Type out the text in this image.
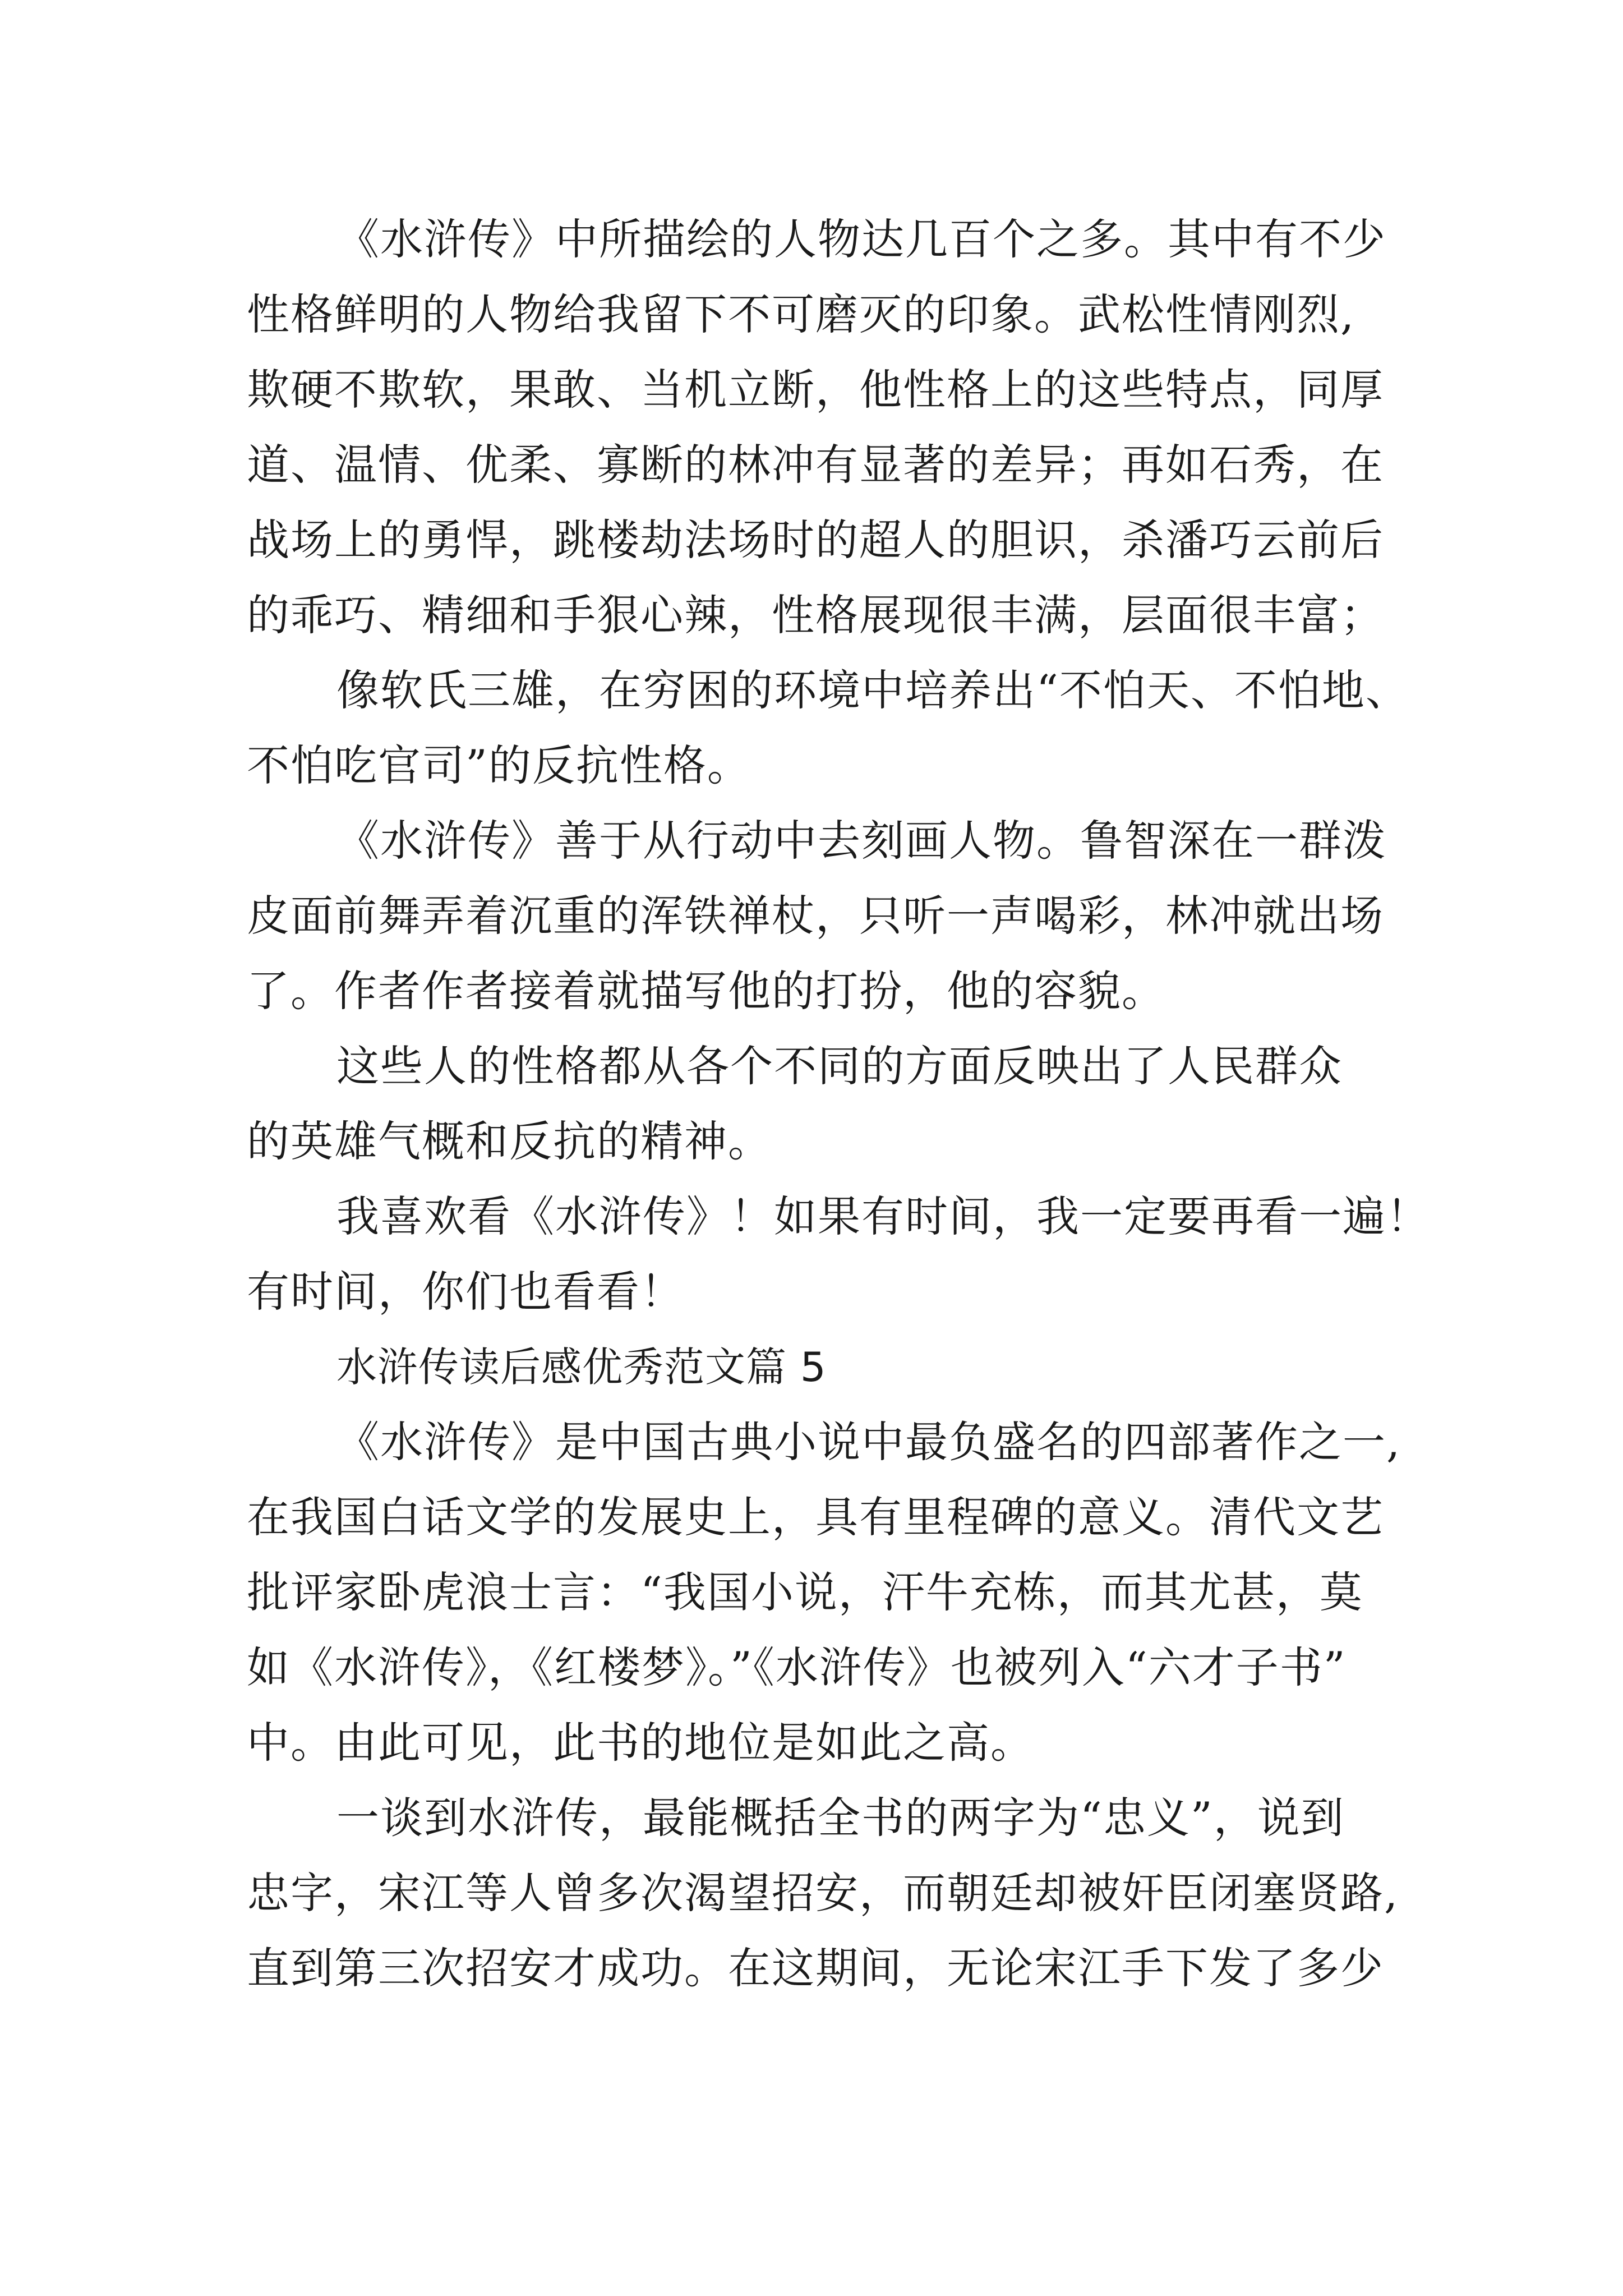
《水浒传》中所描绘的人物达几百个之多。其中有不少
性格鲜明的人物给我留下不可磨灭的印象。武松性情刚烈,
欺硬不欺软，果敢、当机立断，他性格上的这些特点，同厚
道、温情、优柔、寡断的林冲有显著的差异；再如石秀，在
战场上的勇悍，跳楼劫法场时的超人的胆识，杀潘巧云前后
的乖巧、精细和手狠心辣，性格展现很丰满，层面很丰富；
像软氏三雄，在穷困的环境中培养出“不怕天、不怕地、
不怕吃官司”的反抗性格。
《水浒传》善于从行动中去刻画人物。鲁智深在一群泼
皮面前舞弄着沉重的浑铁禅杖，只听一声喝彩，林冲就出场
了。作者作者接着就描写他的打扮，他的容貌。
这些人的性格都从各个不同的方面反映出了人民群众
的英雄气概和反抗的精神。
我喜欢看《水浒传》！如果有时间，我一定要再看一遍！
有时间，你们也看看！
水浒传读后感优秀范文篇 5
《水浒传》是中国古典小说中最负盛名的四部著作之一,
在我国白话文学的发展史上，具有里程碑的意义。清代文艺
批评家卧虎浪士言：“我国小说，汗牛充栋，而其尤甚，莫
如《水浒传》，《红楼梦》。”《水浒传》也被列入“六才子书”
中。由此可见，此书的地位是如此之高。
一谈到水浒传，最能概括全书的两字为“忠义”，说到
忠字，宋江等人曾多次渴望招安，而朝廷却被奸臣闭塞贤路,
直到第三次招安才成功。在这期间，无论宋江手下发了多少
